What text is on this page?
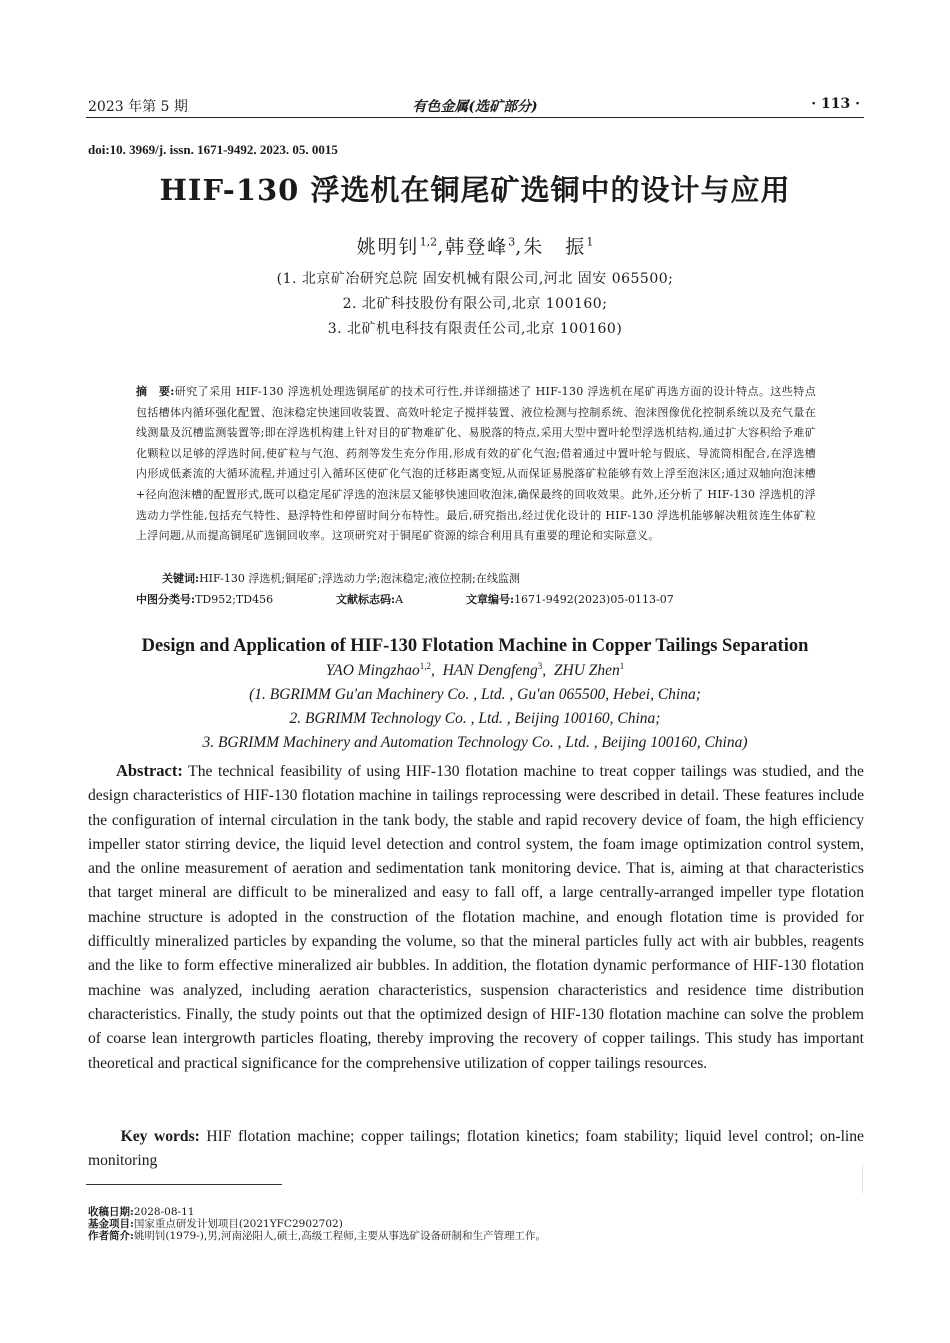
2023 年第 5 期	有色金属(选矿部分)	· 113 ·
doi:10. 3969/j. issn. 1671-9492. 2023. 05. 0015
HIF-130 浮选机在铜尾矿选铜中的设计与应用
姚明钊$^{1,2}$,韩登峰$^3$,朱　振$^1$
(1. 北京矿冶研究总院 固安机械有限公司,河北 固安 065500;
2. 北矿科技股份有限公司,北京 100160;
3. 北矿机电科技有限责任公司,北京 100160)
摘　要:研究了采用 HIF-130 浮选机处理选铜尾矿的技术可行性,并详细描述了 HIF-130 浮选机在尾矿再选方面的设计特点。这些特点包括槽体内循环强化配置、泡沫稳定快速回收装置、高效叶轮定子搅拌装置、液位检测与控制系统、泡沫图像优化控制系统以及充气量在线测量及沉槽监测装置等;即在浮选机构建上针对目的矿物难矿化、易脱落的特点,采用大型中置叶轮型浮选机结构,通过扩大容积给予难矿化颗粒以足够的浮选时间,使矿粒与气泡、药剂等发生充分作用,形成有效的矿化气泡;借着通过中置叶轮与假底、导流筒相配合,在浮选槽内形成低紊流的大循环流程,并通过引入循环区使矿化气泡的迁移距离变短,从而保证易脱落矿粒能够有效上浮至泡沫区;通过双轴向泡沫槽+径向泡沫槽的配置形式,既可以稳定尾矿浮选的泡沫层又能够快速回收泡沫,确保最终的回收效果。此外,还分析了 HIF-130 浮选机的浮选动力学性能,包括充气特性、悬浮特性和停留时间分布特性。最后,研究指出,经过优化设计的 HIF-130 浮选机能够解决粗贫连生体矿粒上浮问题,从而提高铜尾矿选铜回收率。这项研究对于铜尾矿资源的综合利用具有重要的理论和实际意义。
关键词:HIF-130 浮选机;铜尾矿;浮选动力学;泡沫稳定;液位控制;在线监测
中图分类号:TD952;TD456	文献标志码:A	文章编号:1671-9492(2023)05-0113-07
Design and Application of HIF-130 Flotation Machine in Copper Tailings Separation
YAO Mingzhao$^{1,2}$,  HAN Dengfeng$^3$,  ZHU Zhen$^1$
(1. BGRIMM Gu'an Machinery Co. , Ltd. , Gu'an 065500, Hebei, China;
2. BGRIMM Technology Co. , Ltd. , Beijing 100160, China;
3. BGRIMM Machinery and Automation Technology Co. , Ltd. , Beijing 100160, China)
Abstract: The technical feasibility of using HIF-130 flotation machine to treat copper tailings was studied, and the design characteristics of HIF-130 flotation machine in tailings reprocessing were described in detail. These features include the configuration of internal circulation in the tank body, the stable and rapid recovery device of foam, the high efficiency impeller stator stirring device, the liquid level detection and control system, the foam image optimization control system, and the online measurement of aeration and sedimentation tank monitoring device. That is, aiming at that characteristics that target mineral are difficult to be mineralized and easy to fall off, a large centrally-arranged impeller type flotation machine structure is adopted in the construction of the flotation machine, and enough flotation time is provided for difficultly mineralized particles by expanding the volume, so that the mineral particles fully act with air bubbles, reagents and the like to form effective mineralized air bubbles. In addition, the flotation dynamic performance of HIF-130 flotation machine was analyzed, including aeration characteristics, suspension characteristics and residence time distribution characteristics. Finally, the study points out that the optimized design of HIF-130 flotation machine can solve the problem of coarse lean intergrowth particles floating, thereby improving the recovery of copper tailings. This study has important theoretical and practical significance for the comprehensive utilization of copper tailings resources.
Key words: HIF flotation machine; copper tailings; flotation kinetics; foam stability; liquid level control; on-line monitoring
收稿日期:2028-08-11
基金项目:国家重点研发计划项目(2021YFC2902702)
作者简介:姚明钊(1979-),男,河南泌阳人,硕士,高级工程师,主要从事选矿设备研制和生产管理工作。
